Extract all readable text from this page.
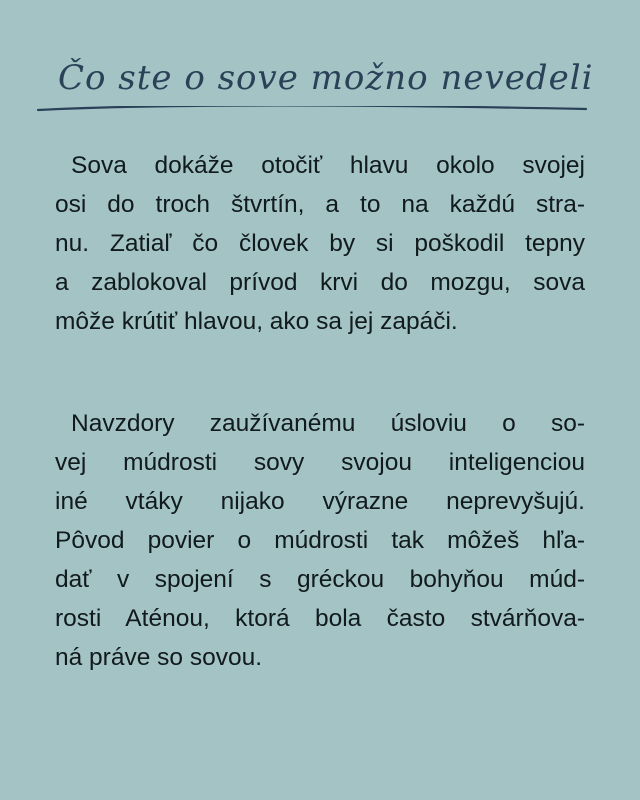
Čo ste o sove možno nevedeli
Sova dokáže otočiť hlavu okolo svojej
osi do troch štvrtín, a to na každú stra-
nu. Zatiaľ čo človek by si poškodil tepny
a zablokoval prívod krvi do mozgu, sova
môže krútiť hlavou, ako sa jej zapáči.
Navzdory zaužívanému úsloviu o so-
vej múdrosti sovy svojou inteligenciou
iné vtáky nijako výrazne neprevyšujú.
Pôvod povier o múdrosti tak môžeš hľa-
dať v spojení s gréckou bohyňou múd-
rosti Aténou, ktorá bola často stvárňova-
ná práve so sovou.
